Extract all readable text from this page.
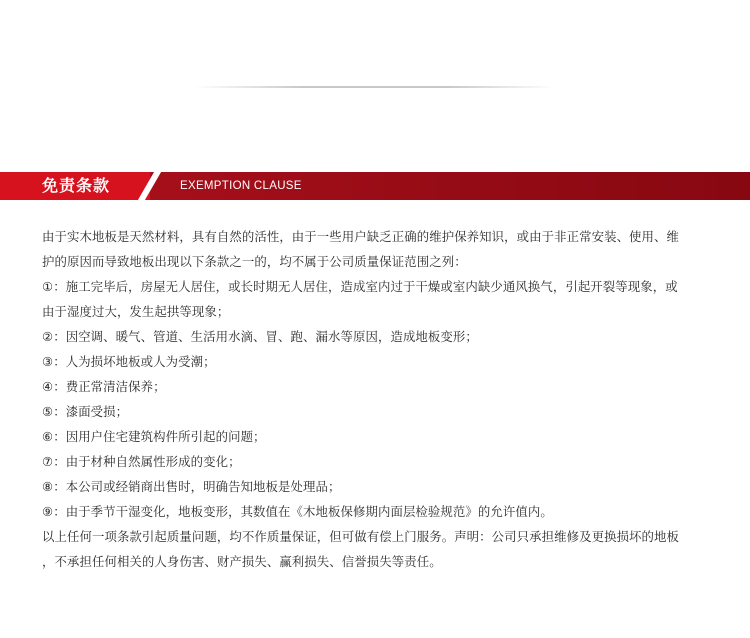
免责条款	EXEMPTION CLAUSE
由于实木地板是天然材料，具有自然的活性，由于一些用户缺乏正确的维护保养知识，或由于非正常安装、使用、维
护的原因而导致地板出现以下条款之一的，均不属于公司质量保证范围之列：
①：施工完毕后，房屋无人居住，或长时期无人居住，造成室内过于干燥或室内缺少通风换气，引起开裂等现象，或
由于湿度过大，发生起拱等现象；
②：因空调、暖气、管道、生活用水滴、冒、跑、漏水等原因，造成地板变形；
③：人为损坏地板或人为受潮；
④：费正常清洁保养；
⑤：漆面受损；
⑥：因用户住宅建筑构件所引起的问题；
⑦：由于材种自然属性形成的变化；
⑧：本公司或经销商出售时，明确告知地板是处理品；
⑨：由于季节干湿变化，地板变形，其数值在《木地板保修期内面层检验规范》的允许值内。
以上任何一项条款引起质量问题，均不作质量保证，但可做有偿上门服务。声明：公司只承担维修及更换损坏的地板
，不承担任何相关的人身伤害、财产损失、赢利损失、信誉损失等责任。
